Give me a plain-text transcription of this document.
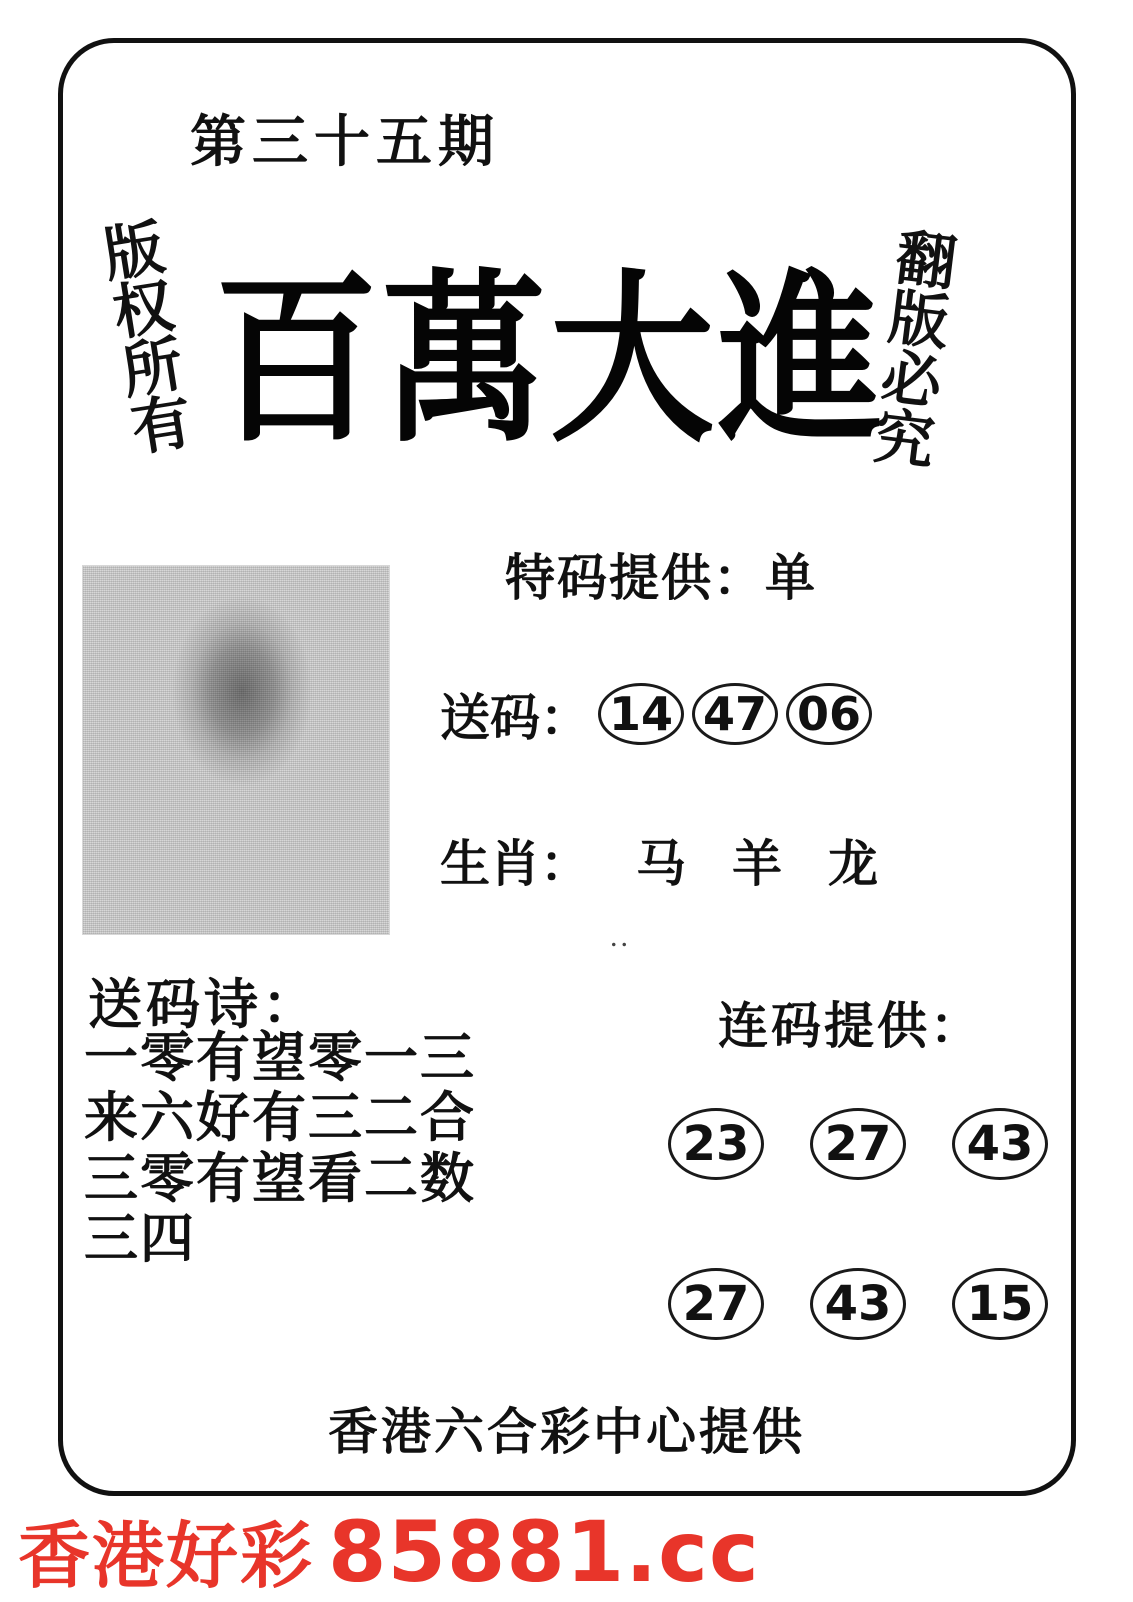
第三十五期
版
权
所
有
翻
版
必
究
百萬大進
特码提供： 单
送码： 14 47 06
生肖： 马 羊 龙
..
送码诗：
一零有望零一三
来六好有三二合
三零有望看二数
三四
连码提供：
23	27	43
27	43	15
香港六合彩中心提供
香港好彩 85881.cc
